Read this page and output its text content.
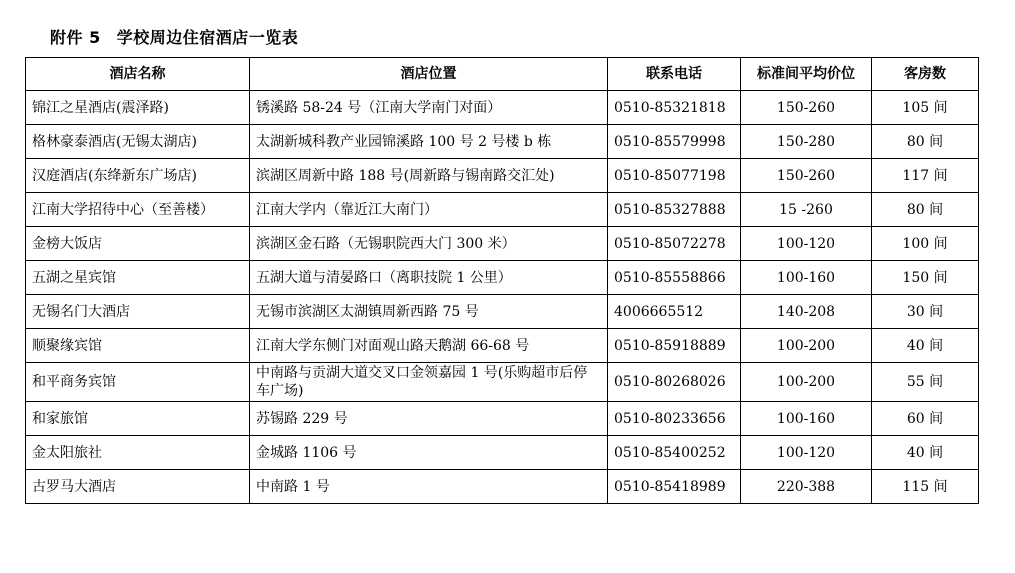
附件 5 学校周边住宿酒店一览表
酒店名称	酒店位置	联系电话	标准间平均价位	客房数
锦江之星酒店(震泽路)	锈溪路 58-24 号（江南大学南门对面）	0510-85321818	150-260	105 间
格林豪泰酒店(无锡太湖店)	太湖新城科教产业园锦溪路 100 号 2 号楼 b 栋	0510-85579998	150-280	80 间
汉庭酒店(东绛新东广场店)	滨湖区周新中路 188 号(周新路与锡南路交汇处)	0510-85077198	150-260	117 间
江南大学招待中心（至善楼）	江南大学内（靠近江大南门）	0510-85327888	15 -260	80 间
金榜大饭店	滨湖区金石路（无锡职院西大门 300 米）	0510-85072278	100-120	100 间
五湖之星宾馆	五湖大道与清晏路口（离职技院 1 公里）	0510-85558866	100-160	150 间
无锡名门大酒店	无锡市滨湖区太湖镇周新西路 75 号	4006665512	140-208	30 间
顺聚缘宾馆	江南大学东侧门对面观山路天鹅湖 66-68 号	0510-85918889	100-200	40 间
和平商务宾馆	中南路与贡湖大道交叉口金领嘉园 1 号(乐购超市后停车广场)	0510-80268026	100-200	55 间
和家旅馆	苏锡路 229 号	0510-80233656	100-160	60 间
金太阳旅社	金城路 1106 号	0510-85400252	100-120	40 间
古罗马大酒店	中南路 1 号	0510-85418989	220-388	115 间
